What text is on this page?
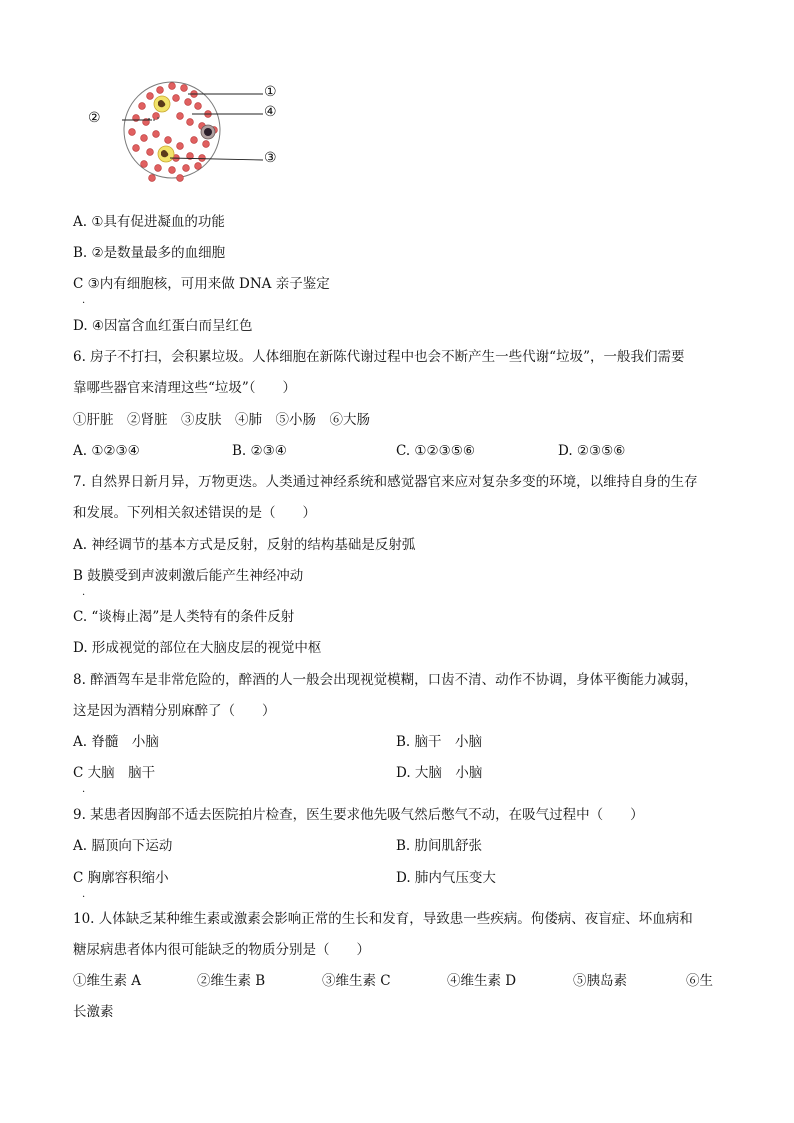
①
②
③
④
A. ①具有促进凝血的功能
B. ②是数量最多的血细胞
C ③内有细胞核，可用来做 DNA 亲子鉴定
.
D. ④因富含血红蛋白而呈红色
6. 房子不打扫，会积累垃圾。人体细胞在新陈代谢过程中也会不断产生一些代谢“垃圾”，一般我们需要
靠哪些器官来清理这些“垃圾”（　　）
①肝脏　②肾脏　③皮肤　④肺　⑤小肠　⑥大肠
A. ①②③④	B. ②③④	C. ①②③⑤⑥	D. ②③⑤⑥
7. 自然界日新月异，万物更迭。人类通过神经系统和感觉器官来应对复杂多变的环境，以维持自身的生存
和发展。下列相关叙述错误的是（　　）
A. 神经调节的基本方式是反射，反射的结构基础是反射弧
B 鼓膜受到声波刺激后能产生神经冲动
.
C. “谈梅止渴”是人类特有的条件反射
D. 形成视觉的部位在大脑皮层的视觉中枢
8. 醉酒驾车是非常危险的，醉酒的人一般会出现视觉模糊，口齿不清、动作不协调，身体平衡能力减弱，
这是因为酒精分别麻醉了（　　）
A. 脊髓　小脑	B. 脑干　小脑
C 大脑　脑干	D. 大脑　小脑
.
9. 某患者因胸部不适去医院拍片检查，医生要求他先吸气然后憋气不动，在吸气过程中（　　）
A. 膈顶向下运动	B. 肋间肌舒张
C 胸廓容积缩小	D. 肺内气压变大
.
10. 人体缺乏某种维生素或激素会影响正常的生长和发育，导致患一些疾病。佝偻病、夜盲症、坏血病和
糖尿病患者体内很可能缺乏的物质分别是（　　）
①维生素 A	②维生素 B	③维生素 C	④维生素 D	⑤胰岛素	⑥生
长激素
